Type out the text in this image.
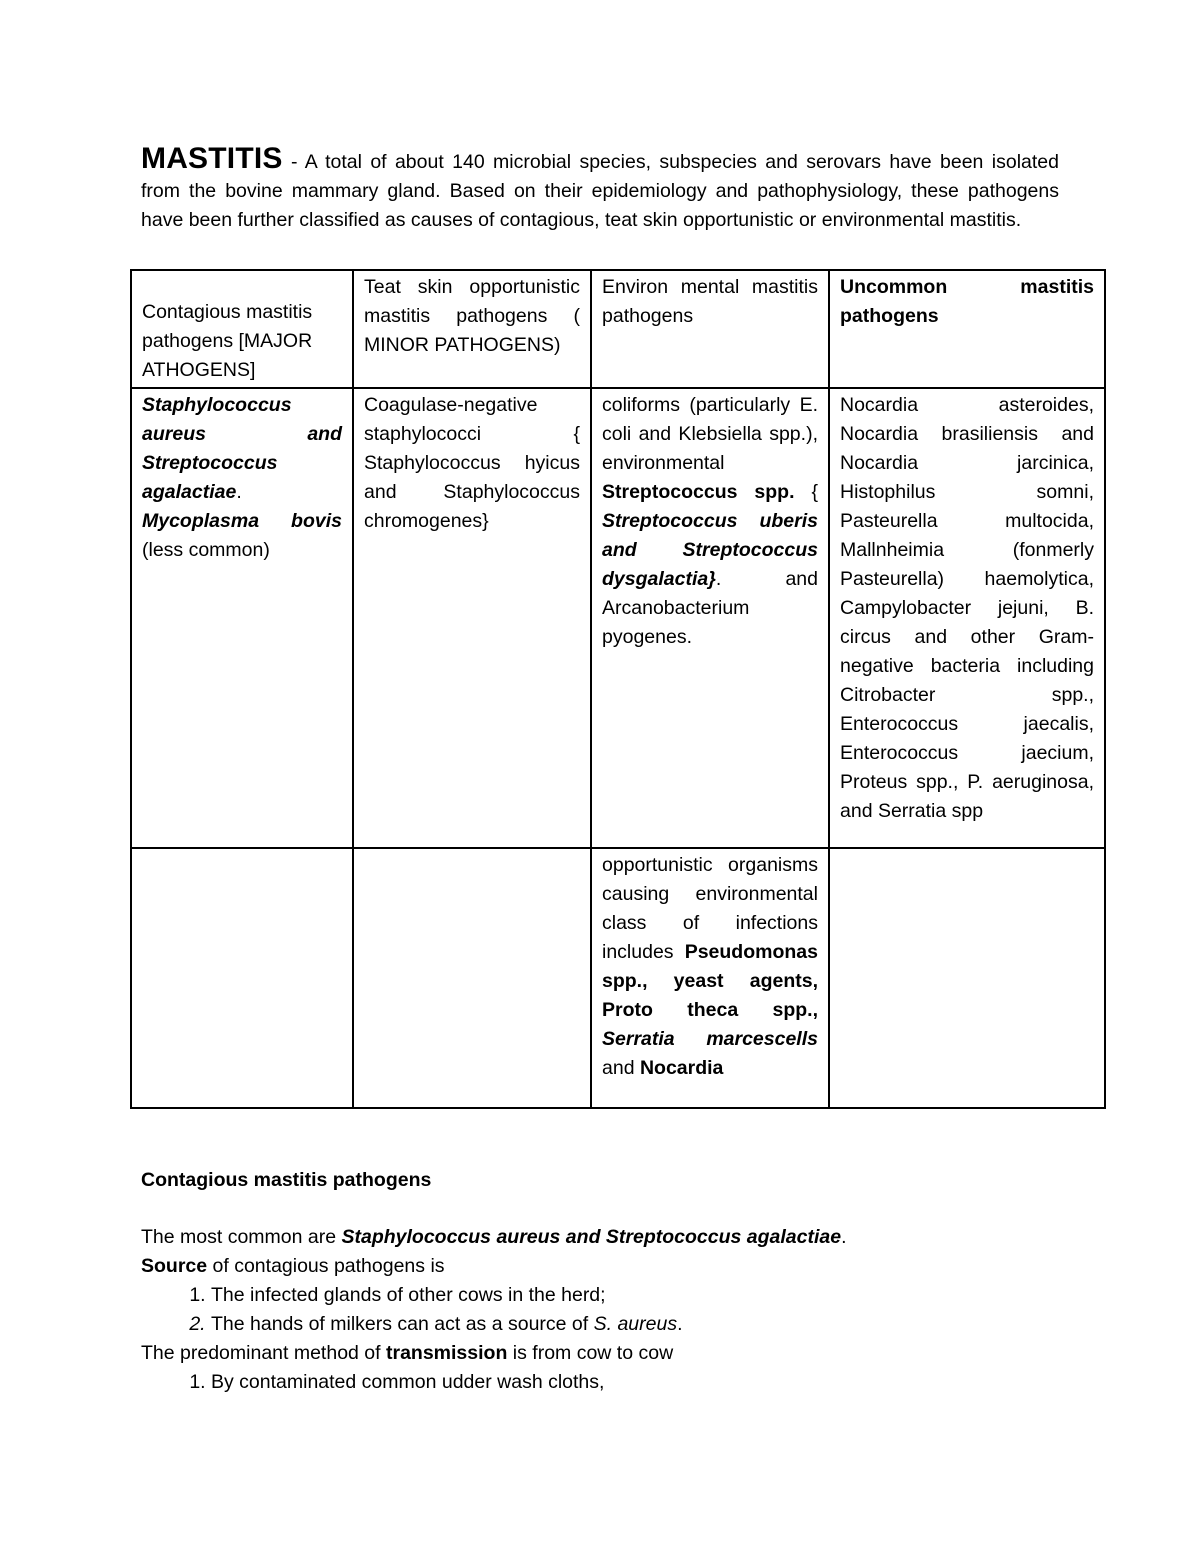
MASTITIS - A total of about 140 microbial species, subspecies and serovars have been isolated from the bovine mammary gland. Based on their epidemiology and pathophysiology, these pathogens have been further classified as causes of contagious, teat skin opportunistic or environmental mastitis.
Contagious mastitis pathogens [MAJOR ATHOGENS]	Teat skin opportunistic mastitis pathogens ( MINOR PATHOGENS)	Environ mental mastitis pathogens	Uncommon mastitis pathogens
Staphylococcus aureus and Streptococcus agalactiae. Mycoplasma bovis (less common)	Coagulase-negative staphylococci { Staphylococcus hyicus and Staphylococcus chromogenes}	coliforms (particularly E. coli and Klebsiella spp.), environmental Streptococcus spp. { Streptococcus uberis and Streptococcus dysgalactia}. and Arcanobacterium pyogenes.	Nocardia asteroides, Nocardia brasiliensis and Nocardia jarcinica, Histophilus somni, Pasteurella multocida, Mallnheimia (fonmerly Pasteurella) haemolytica, Campylobacter jejuni, B. circus and other Gram-negative bacteria including Citrobacter spp., Enterococcus jaecalis, Enterococcus jaecium, Proteus spp., P. aeruginosa, and Serratia spp
		opportunistic organisms causing environmental class of infections includes Pseudomonas spp., yeast agents, Proto theca spp., Serratia marcescells and Nocardia	
Contagious mastitis pathogens

The most common are Staphylococcus aureus and Streptococcus agalactiae.

Source of contagious pathogens is

1. The infected glands of other cows in the herd;
2. The hands of milkers can act as a source of S. aureus.

The predominant method of transmission is from cow to cow

1. By contaminated common udder wash cloths,
